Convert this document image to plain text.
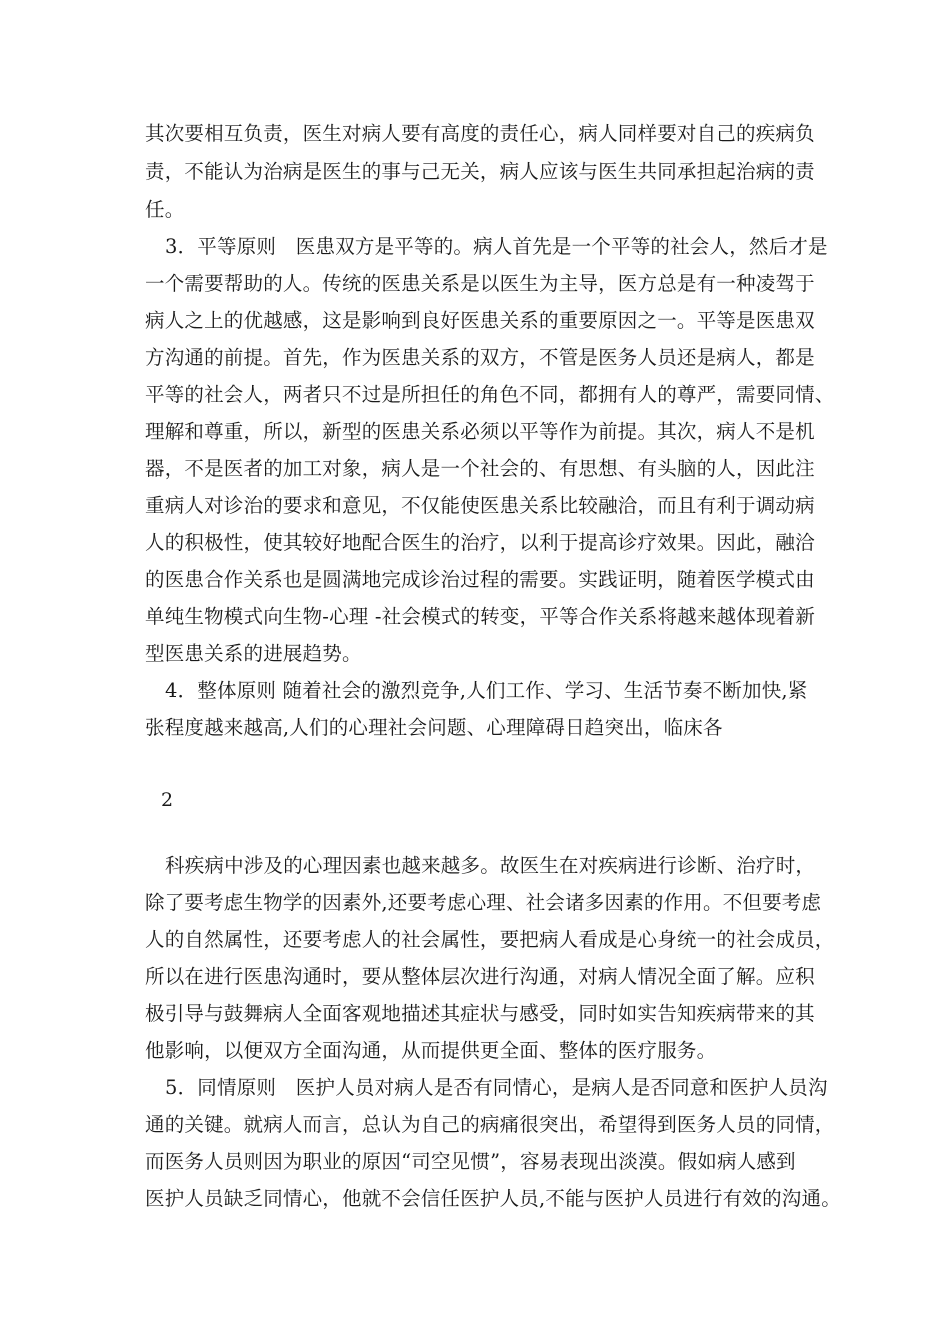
其次要相互负责，医生对病人要有高度的责任心，病人同样要对自己的疾病负
责，不能认为治病是医生的事与己无关，病人应该与医生共同承担起治病的责
任。
3．平等原则　医患双方是平等的。病人首先是一个平等的社会人，然后才是
一个需要帮助的人。传统的医患关系是以医生为主导，医方总是有一种凌驾于
病人之上的优越感，这是影响到良好医患关系的重要原因之一。平等是医患双
方沟通的前提。首先，作为医患关系的双方，不管是医务人员还是病人，都是
平等的社会人，两者只不过是所担任的角色不同，都拥有人的尊严，需要同情、
理解和尊重，所以，新型的医患关系必须以平等作为前提。其次，病人不是机
器，不是医者的加工对象，病人是一个社会的、有思想、有头脑的人，因此注
重病人对诊治的要求和意见，不仅能使医患关系比较融洽，而且有利于调动病
人的积极性，使其较好地配合医生的治疗，以利于提高诊疗效果。因此，融洽
的医患合作关系也是圆满地完成诊治过程的需要。实践证明，随着医学模式由
单纯生物模式向生物-心理 -社会模式的转变，平等合作关系将越来越体现着新
型医患关系的进展趋势。
4．整体原则 随着社会的激烈竞争,人们工作、学习、生活节奏不断加快,紧
张程度越来越高,人们的心理社会问题、心理障碍日趋突出，临床各
2
科疾病中涉及的心理因素也越来越多。故医生在对疾病进行诊断、治疗时，
除了要考虑生物学的因素外,还要考虑心理、社会诸多因素的作用。不但要考虑
人的自然属性，还要考虑人的社会属性，要把病人看成是心身统一的社会成员，
所以在进行医患沟通时，要从整体层次进行沟通，对病人情况全面了解。应积
极引导与鼓舞病人全面客观地描述其症状与感受，同时如实告知疾病带来的其
他影响，以便双方全面沟通，从而提供更全面、整体的医疗服务。
5．同情原则　医护人员对病人是否有同情心，是病人是否同意和医护人员沟
通的关键。就病人而言，总认为自己的病痛很突出，希望得到医务人员的同情，
而医务人员则因为职业的原因“司空见惯”，容易表现出淡漠。假如病人感到
医护人员缺乏同情心，他就不会信任医护人员,不能与医护人员进行有效的沟通。
